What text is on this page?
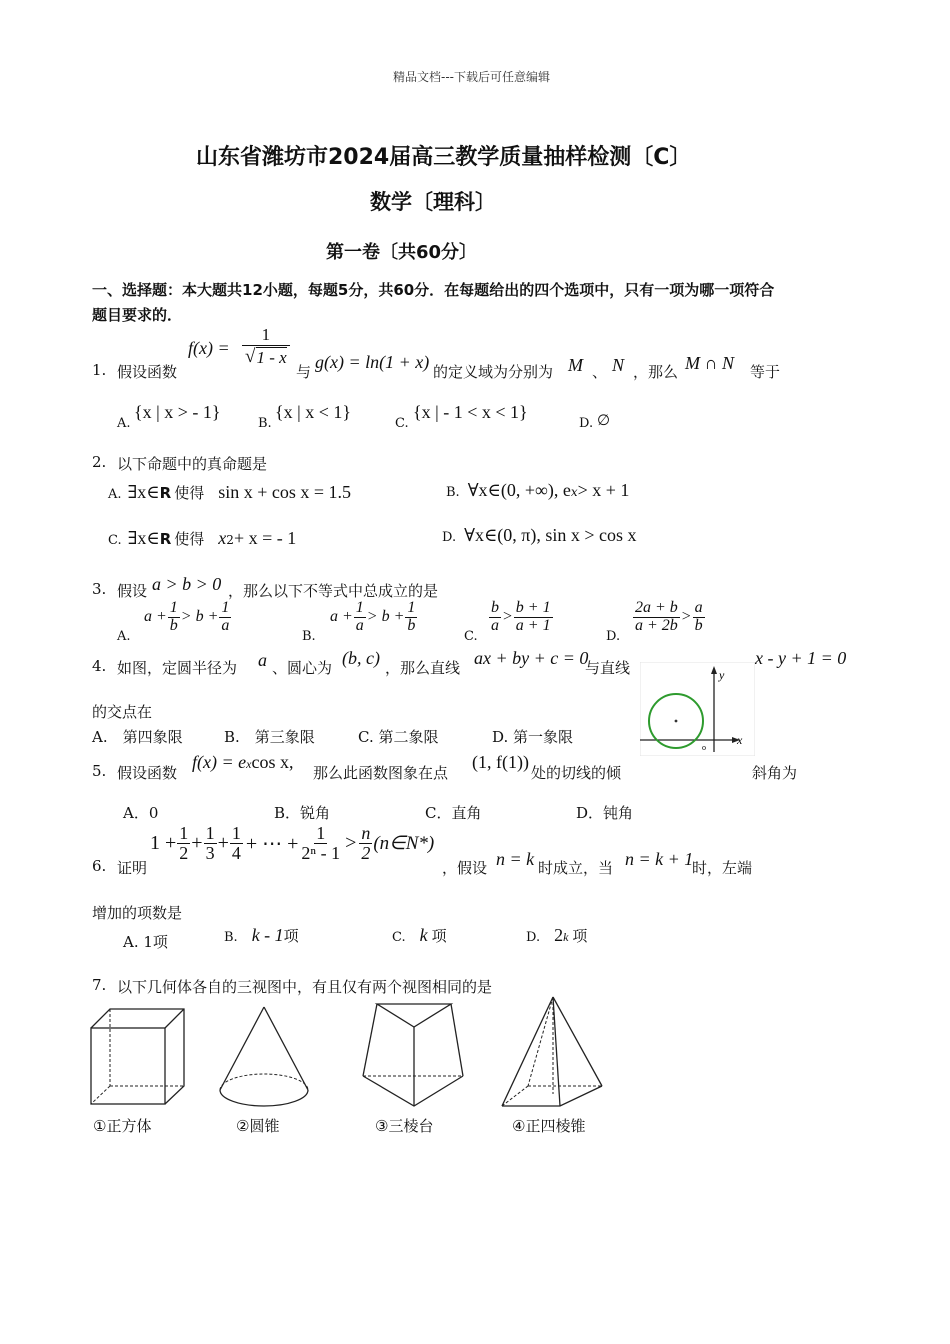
精品文档---下载后可任意编辑
山东省潍坊市2024届高三教学质量抽样检测〔C〕
数学〔理科〕
第一卷〔共60分〕
一、选择题：本大题共12小题，每题5分，共60分．在每题给出的四个选项中，只有一项为哪一项符合
题目要求的．
1. 假设函数
$f(x) = \frac{1}{√ 1 - x}$
与 g(x) = ln(1 + x) 的定义域为分别为 M 、 N ，那么 M ∩ N 等于
A.
{x | x > - 1}
B.
{x | x < 1}
C.
{x | - 1 < x < 1}
D. ∅
2. 以下命题中的真命题是
A. ∃x∈ R 使得 sin x + cos x = 1.5	B. ∀x∈(0, +∞), e x > x + 1
C. ∃x∈ R 使得 x 2 + x = - 1	D. ∀x∈(0, π), sin x > cos x
3. 假设 a > b > 0 ，那么以下不等式中总成立的是
A.
$a + \frac{1}{b} > b + \frac{1}{a}$
B.
$a + \frac{1}{a} > b + \frac{1}{b}$
C.
$\frac{b}{a} > \frac{b + 1}{a + 1}$
D.
$\frac{2a + b}{a + 2b} > \frac{a}{b}$
4. 如图，定圆半径为 a 、圆心为 (b, c) ，那么直线 ax + by + c = 0
与直线	x - y + 1 = 0
的交点在
A.　第四象限	B.　第三象限	C. 第二象限	D. 第一象限
y
x
o
5. 假设函数
f(x) = e x cos x,
那么此函数图象在点
(1, f(1))
处的切线的倾	斜角为
A．0	B．锐角	C．直角	D．钝角
6. 证明
$1 + \frac{1}{2} + \frac{1}{3} + \frac{1}{4}$ + ⋯ + $\frac{1}{\text{2ⁿ - 1}} > \frac{n}{2}$ (n∈N*)
，假设 n = k 时成立，当 n = k + 1
时，左端
增加的项数是
A. 1项	B. k - 1 项	C. k 项	D. 2 k 项
7. 以下几何体各自的三视图中，有且仅有两个视图相同的是
①正方体	②圆锥	③三棱台	④正四棱锥
